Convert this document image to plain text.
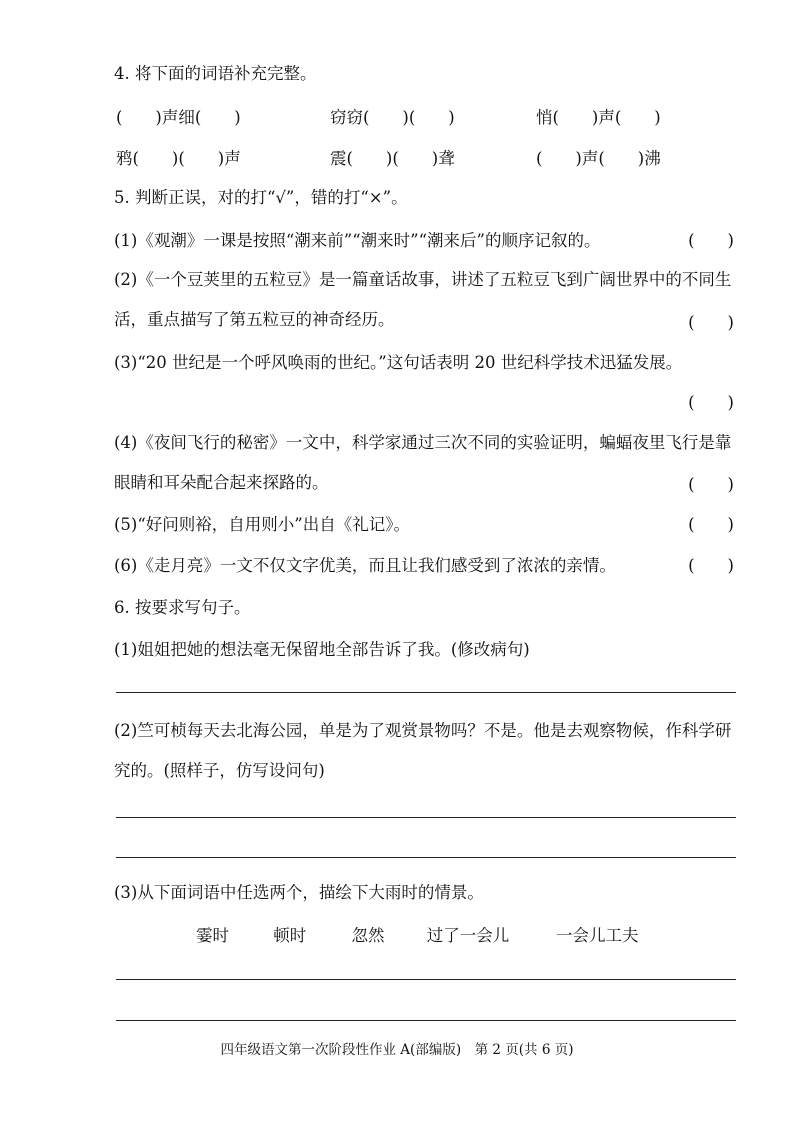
4. 将下面的词语补充完整。
(　　)声细(　　)	窃窃(　　)(　　)	悄(　　)声(　　)
鸦(　　)(　　)声	震(　　)(　　)聋	(　　)声(　　)沸
5. 判断正误，对的打“√”，错的打“×”。
(1)《观潮》一课是按照“潮来前”“潮来时”“潮来后”的顺序记叙的。	(　　)
(2)《一个豆荚里的五粒豆》是一篇童话故事，讲述了五粒豆飞到广阔世界中的不同生活，重点描写了第五粒豆的神奇经历。	(　　)
(3)“20 世纪是一个呼风唤雨的世纪。”这句话表明 20 世纪科学技术迅猛发展。
(　　)
(4)《夜间飞行的秘密》一文中，科学家通过三次不同的实验证明，蝙蝠夜里飞行是靠眼睛和耳朵配合起来探路的。	(　　)
(5)“好问则裕，自用则小”出自《礼记》。	(　　)
(6)《走月亮》一文不仅文字优美，而且让我们感受到了浓浓的亲情。	(　　)
6. 按要求写句子。
(1)姐姐把她的想法毫无保留地全部告诉了我。(修改病句)
(2)竺可桢每天去北海公园，单是为了观赏景物吗？不是。他是去观察物候，作科学研究的。(照样子，仿写设问句)
(3)从下面词语中任选两个，描绘下大雨时的情景。
霎时	顿时	忽然	过了一会儿	一会儿工夫
四年级语文第一次阶段性作业 A(部编版)　第 2 页(共 6 页)
